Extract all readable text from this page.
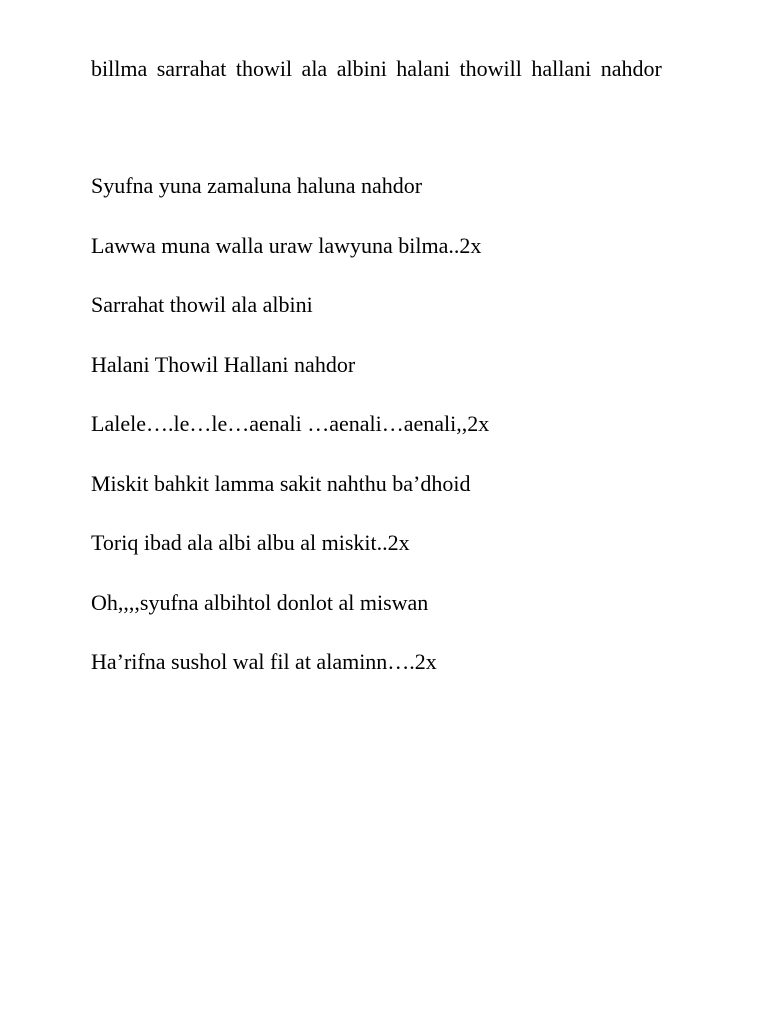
billma sarrahat thowil ala albini halani thowill hallani nahdor

Syufna yuna zamaluna haluna nahdor

Lawwa muna walla uraw lawyuna bilma..2x

Sarrahat thowil ala albini

Halani Thowil Hallani nahdor

Lalele….le…le…aenali …aenali…aenali,,2x

Miskit bahkit lamma sakit nahthu ba’dhoid

Toriq ibad ala albi albu al miskit..2x

Oh,,,,syufna albihtol donlot al miswan

Ha’rifna sushol wal fil at alaminn….2x
